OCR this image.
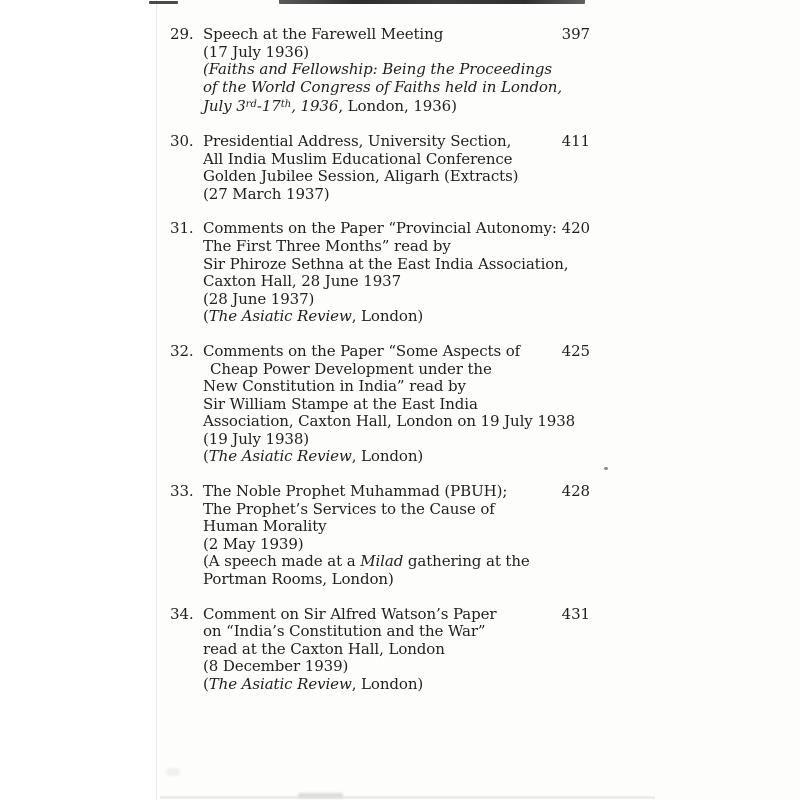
29. Speech at the Farewell Meeting
(17 July 1936)
(Faiths and Fellowship: Being the Proceedings
of the World Congress of Faiths held in London,
July 3rd-17th, 1936, London, 1936)
397
30. Presidential Address, University Section,
All India Muslim Educational Conference
Golden Jubilee Session, Aligarh (Extracts)
(27 March 1937)
411
31. Comments on the Paper “Provincial Autonomy:
The First Three Months” read by
Sir Phiroze Sethna at the East India Association,
Caxton Hall, 28 June 1937
(28 June 1937)
(The Asiatic Review, London)
420
32. Comments on the Paper “Some Aspects of
Cheap Power Development under the
New Constitution in India” read by
Sir William Stampe at the East India
Association, Caxton Hall, London on 19 July 1938
(19 July 1938)
(The Asiatic Review, London)
425
33. The Noble Prophet Muhammad (PBUH);
The Prophet’s Services to the Cause of
Human Morality
(2 May 1939)
(A speech made at a Milad gathering at the
Portman Rooms, London)
428
34. Comment on Sir Alfred Watson’s Paper
on “India’s Constitution and the War”
read at the Caxton Hall, London
(8 December 1939)
(The Asiatic Review, London)
431
